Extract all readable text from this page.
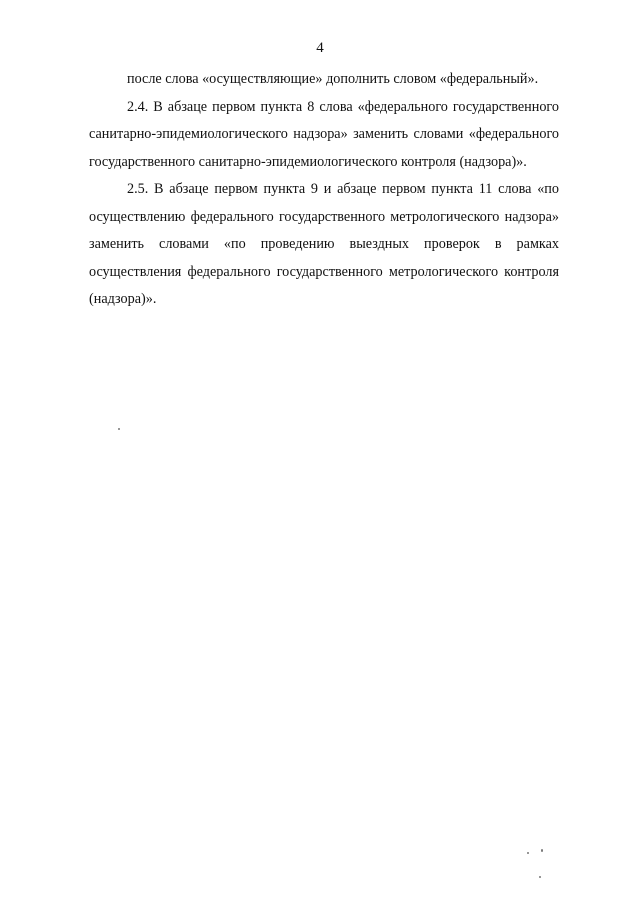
4

после слова «осуществляющие» дополнить словом «федеральный».

2.4. В абзаце первом пункта 8 слова «федерального государственного санитарно-эпидемиологического надзора» заменить словами «федерального государственного санитарно-эпидемиологического контроля (надзора)».

2.5. В абзаце первом пункта 9 и абзаце первом пункта 11 слова «по осуществлению федерального государственного метрологического надзора» заменить словами «по проведению выездных проверок в рамках осуществления федерального государственного метрологического контроля (надзора)».
